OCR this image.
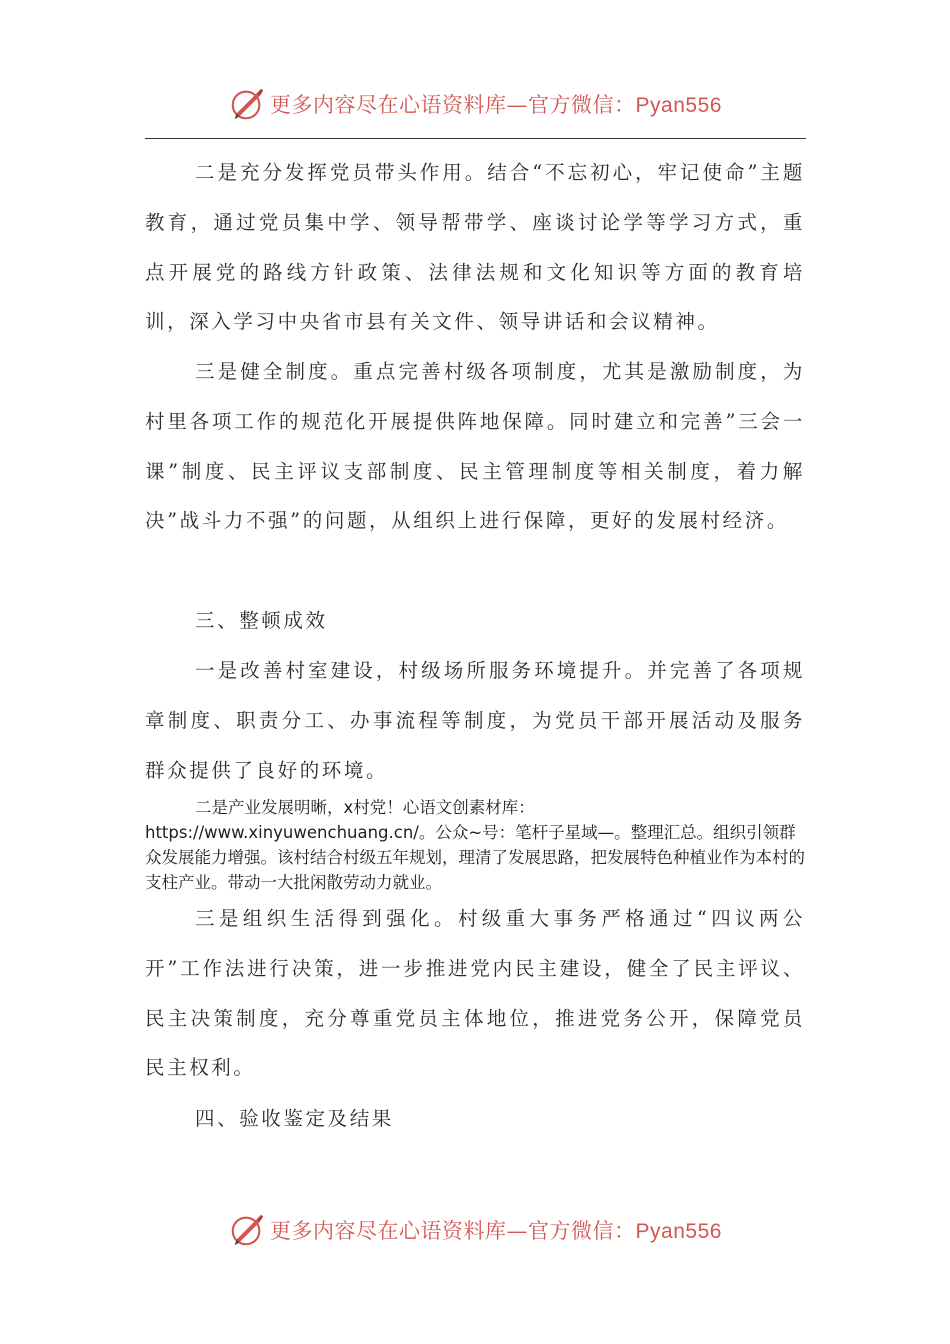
更多内容尽在心语资料库—官方微信：Pyan556

二是充分发挥党员带头作用。结合“不忘初心，牢记使命”主题教育，通过党员集中学、领导帮带学、座谈讨论学等学习方式，重点开展党的路线方针政策、法律法规和文化知识等方面的教育培训，深入学习中央省市县有关文件、领导讲话和会议精神。

三是健全制度。重点完善村级各项制度，尤其是激励制度，为村里各项工作的规范化开展提供阵地保障。同时建立和完善”三会一课”制度、民主评议支部制度、民主管理制度等相关制度，着力解决”战斗力不强”的问题，从组织上进行保障，更好的发展村经济。

三、整顿成效

一是改善村室建设，村级场所服务环境提升。并完善了各项规章制度、职责分工、办事流程等制度，为党员干部开展活动及服务群众提供了良好的环境。

二是产业发展明晰，x村党！心语文创素材库：https://www.xinyuwenchuang.cn/。公众~号：笔杆子星域—。整理汇总。组织引领群众发展能力增强。该村结合村级五年规划，理清了发展思路，把发展特色种植业作为本村的支柱产业。带动一大批闲散劳动力就业。

三是组织生活得到强化。村级重大事务严格通过“四议两公开”工作法进行决策，进一步推进党内民主建设，健全了民主评议、民主决策制度，充分尊重党员主体地位，推进党务公开，保障党员民主权利。

四、验收鉴定及结果

更多内容尽在心语资料库—官方微信：Pyan556
